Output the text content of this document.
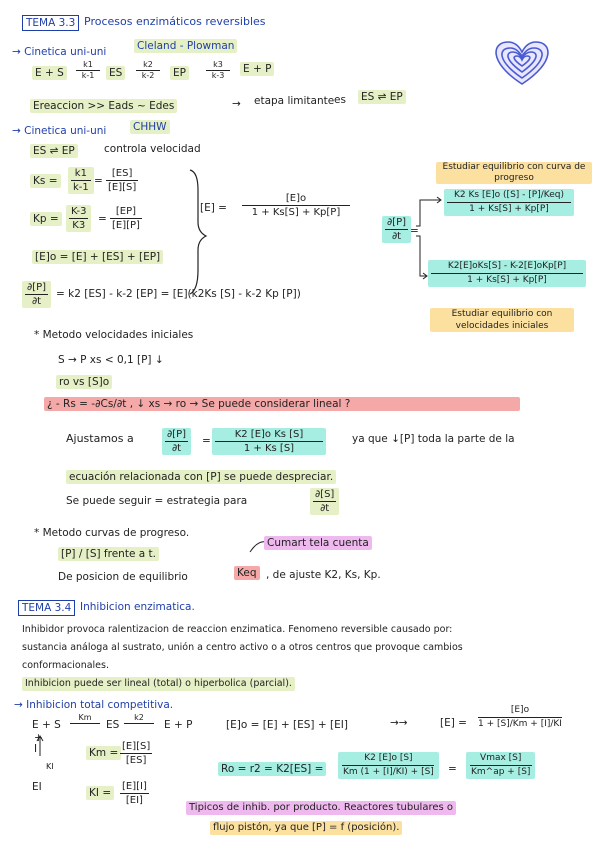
TEMA 3.3 Procesos enzimáticos reversibles
→ Cinetica uni-uni	Cleland - Plowman
E + S
k1
k-1 ES
k2
k-2 EP
k3
k-3
E + P
Ereaccion >> Eads ~ Edes	→ etapa limitante es ES ⇌ EP
→ Cinetica uni-uni	CHHW
ES ⇌ EP	controla velocidad
Ks =
k1
k-1
=
[ES]
[E][S]
Kp =
K-3
K3
=
[EP]
[E][P]
[E]o = [E] + [ES] + [EP]
[E] =
[E]o
1 + Ks[S] + Kp[P]
∂[P]
∂t
= k2 [ES] - k-2 [EP] = [E](k2Ks [S] - k-2 Kp [P])
Estudiar equilibrio con curva de progreso
∂[P]
∂t =
K2 Ks [E]o ([S] - [P]/Keq)
1 + Ks[S] + Kp[P]
K2[E]oKs[S] - K-2[E]oKp[P]
1 + Ks[S] + Kp[P]
Estudiar equilibrio con velocidades iniciales
* Metodo velocidades iniciales
S → P xs < 0,1 [P] ↓
ro vs [S]o
¿ - Rs = -∂Cs/∂t , ↓ xs → ro → Se puede considerar lineal ?
Ajustamos a	∂[P]
∂t
=
K2 [E]o Ks [S]
1 + Ks [S]
ya que ↓[P] toda la parte de la
ecuación relacionada con [P] se puede despreciar.
Se puede seguir = estrategia para
∂[S]
∂t
* Metodo curvas de progreso.
Cumart tela cuenta
[P] / [S] frente a t.
De posicion de equilibrio	Keq , de ajuste K2, Ks, Kp.
TEMA 3.4 Inhibicion enzimatica.
Inhibidor provoca ralentizacion de reaccion enzimatica. Fenomeno reversible causado por:
sustancia análoga al sustrato, unión a centro activo o a otros centros que provoque cambios
conformacionales.
Inhibicion puede ser lineal (total) o hiperbolica (parcial).
→ Inhibicion total competitiva.
E + S
Km

ES
k2

E + P
+
I
KI
EI
Km =
[E][S]
[ES]
KI =
[E][I]
[EI]
[E]o = [E] + [ES] + [EI]	→→	[E] =
[E]o
1 + [S]/Km + [I]/KI
Ro = r2 = K2[ES] =
K2 [E]o [S]
Km (1 + [I]/KI) + [S] =
Vmax [S]
Km^ap + [S]
Tipicos de inhib. por producto. Reactores tubulares o
flujo pistón, ya que [P] = f (posición).
